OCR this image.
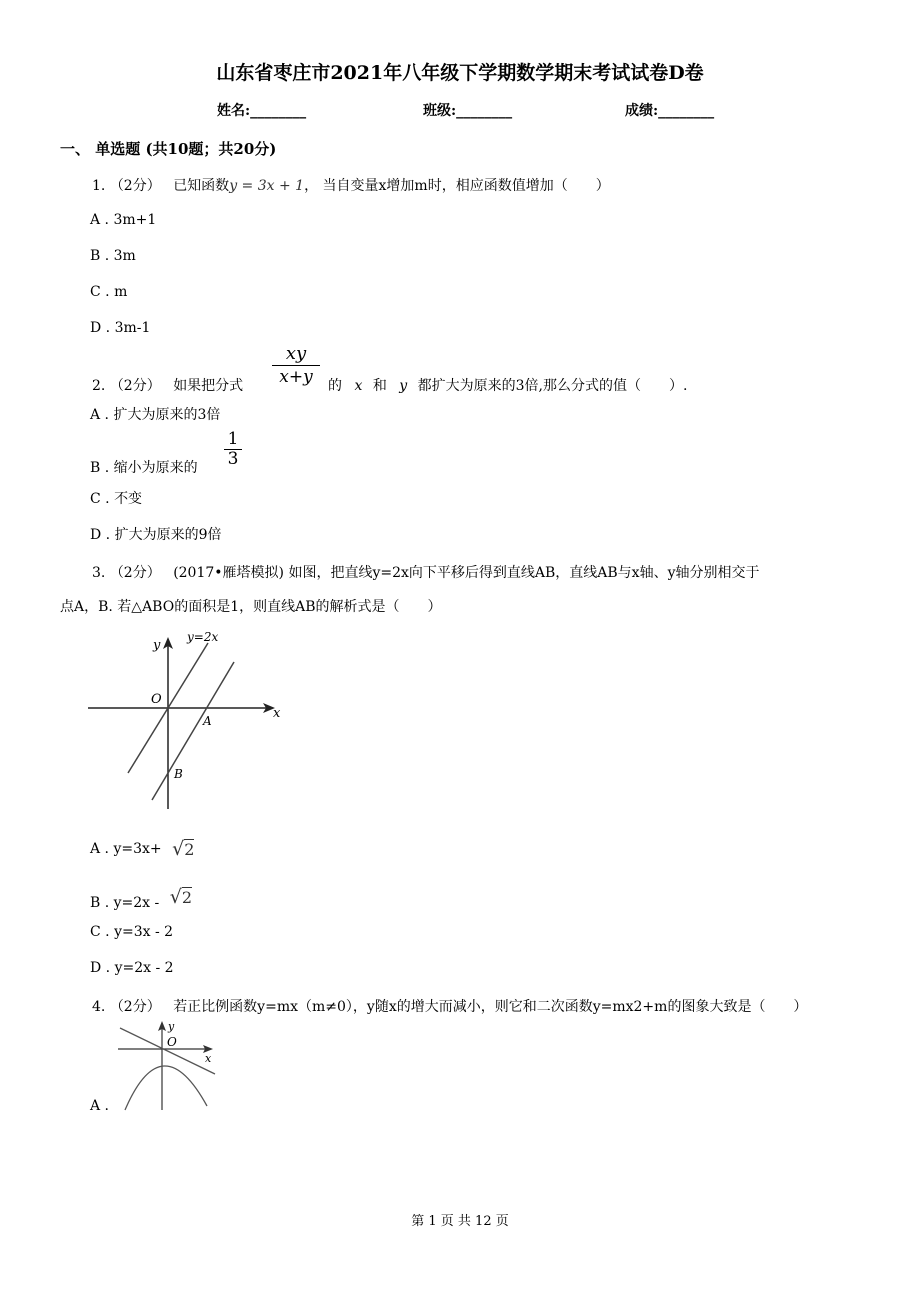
山东省枣庄市2021年八年级下学期数学期末考试试卷D卷
姓名:________	班级:________	成绩:________
一、 单选题 (共10题；共20分)
1. （2分） 已知函数y = 3x + 1， 当自变量x增加m时，相应函数值增加（　　）
A . 3m+1
B . 3m
C . m
D . 3m-1
2. （2分） 如果把分式
xy
x+y	的 x 和 y 都扩大为原来的3倍,那么分式的值（　　）.
A . 扩大为原来的3倍
B . 缩小为原来的
1
3
C . 不变
D . 扩大为原来的9倍
3. （2分） (2017•雁塔模拟) 如图，把直线y=2x向下平移后得到直线AB，直线AB与x轴、y轴分别相交于
点A，B. 若△ABO的面积是1，则直线AB的解析式是（　　）
y
y=2x
O
A	x
B
A . y=3x+ √2
B . y=2x - √2
C . y=3x - 2
D . y=2x - 2
4. （2分） 若正比例函数y=mx（m≠0），y随x的增大而减小，则它和二次函数y=mx2+m的图象大致是（　　）
y
O
x
A .
第 1 页 共 12 页
